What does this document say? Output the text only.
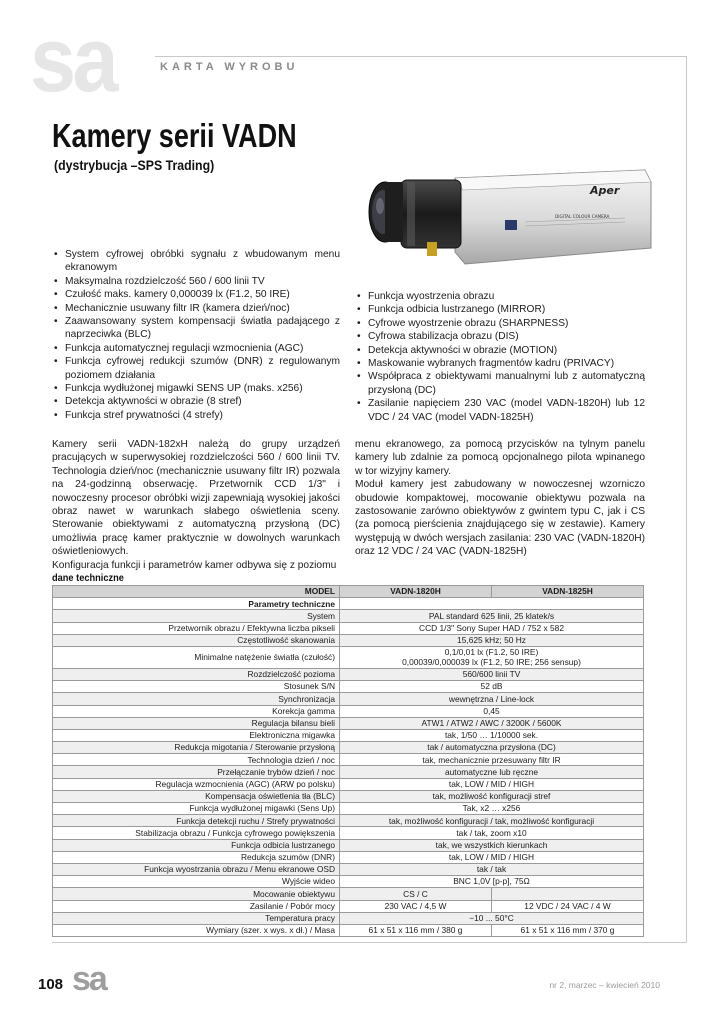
sa	KARTA WYROBU
Kamery serii VADN
(dystrybucja –SPS Trading)
Aper
DIGITAL COLOUR CAMERA
• System cyfrowej obróbki sygnału z wbudowanym menu ekranowym
• Maksymalna rozdzielczość 560 / 600 linii TV
• Czułość maks. kamery 0,000039 lx (F1.2, 50 IRE)
• Mechanicznie usuwany filtr IR (kamera dzień/noc)
• Zaawansowany system kompensacji światła padającego z naprzeciwka (BLC)
• Funkcja automatycznej regulacji wzmocnienia (AGC)
• Funkcja cyfrowej redukcji szumów (DNR) z regulowanym poziomem działania
• Funkcja wydłużonej migawki SENS UP (maks. x256)
• Detekcja aktywności w obrazie (8 stref)
• Funkcja stref prywatności (4 strefy)
• Funkcja wyostrzenia obrazu
• Funkcja odbicia lustrzanego (MIRROR)
• Cyfrowe wyostrzenie obrazu (SHARPNESS)
• Cyfrowa stabilizacja obrazu (DIS)
• Detekcja aktywności w obrazie (MOTION)
• Maskowanie wybranych fragmentów kadru (PRIVACY)
• Współpraca z obiektywami manualnymi lub z automatyczną przysłoną (DC)
• Zasilanie napięciem 230 VAC (model VADN-1820H) lub 12 VDC / 24 VAC (model VADN-1825H)

Kamery serii VADN-182xH należą do grupy urządzeń pracujących w superwysokiej rozdzielczości 560 / 600 linii TV. Technologia dzień/noc (mechanicznie usuwany filtr IR) pozwala na 24-godzinną obserwację. Przetwornik CCD 1/3" i nowoczesny procesor obróbki wizji zapewniają wysokiej jakości obraz nawet w warunkach słabego oświetlenia sceny. Sterowanie obiektywami z automatyczną przysłoną (DC) umożliwia pracę kamer praktycznie w dowolnych warunkach oświetleniowych.

Konfiguracja funkcji i parametrów kamer odbywa się z poziomu

menu ekranowego, za pomocą przycisków na tylnym panelu kamery lub zdalnie za pomocą opcjonalnego pilota wpinanego w tor wizyjny kamery.

Moduł kamery jest zabudowany w nowoczesnej wzorniczo obudowie kompaktowej, mocowanie obiektywu pozwala na zastosowanie zarówno obiektywów z gwintem typu C, jak i CS (za pomocą pierścienia znajdującego się w zestawie). Kamery występują w dwóch wersjach zasilania: 230 VAC (VADN-1820H) oraz 12 VDC / 24 VAC (VADN-1825H)

dane techniczne
MODEL	VADN-1820H	VADN-1825H
Parametry techniczne		
System	PAL standard 625 linii, 25 klatek/s	

Przetwornik obrazu / Efektywna liczba pikseli	CCD 1/3" Sony Super HAD / 752 x 582	

Częstotliwość skanowania	15,625 kHz; 50 Hz	

Minimalne natężenie światła (czułość)	0,1/0,01 lx (F1.2, 50 IRE)
0,00039/0,000039 lx (F1.2, 50 IRE; 256 sensup)	

Rozdzielczość pozioma	560/600 linii TV	

Stosunek S/N	52 dB	

Synchronizacja	wewnętrzna / Line-lock	

Korekcja gamma	0,45	

Regulacja bilansu bieli	ATW1 / ATW2 / AWC / 3200K / 5600K	

Elektroniczna migawka	tak, 1/50 … 1/10000 sek.	

Redukcja migotania / Sterowanie przysłoną	tak / automatyczna przysłona (DC)	

Technologia dzień / noc	tak, mechanicznie przesuwany filtr IR	

Przełączanie trybów dzień / noc	automatyczne lub ręczne	

Regulacja wzmocnienia (AGC) (ARW po polsku)	tak, LOW / MID / HIGH	

Kompensacja oświetlenia tła (BLC)	tak, możliwość konfiguracji stref	

Funkcja wydłużonej migawki (Sens Up)	Tak, x2 … x256	

Funkcja detekcji ruchu / Strefy prywatności	tak, możliwość konfiguracji / tak, możliwość konfiguracji	

Stabilizacja obrazu / Funkcja cyfrowego powiększenia	tak / tak, zoom x10	

Funkcja odbicia lustrzanego	tak, we wszystkich kierunkach	

Redukcja szumów (DNR)	tak, LOW / MID / HIGH	

Funkcja wyostrzania obrazu / Menu ekranowe OSD	tak / tak	

Wyjście wideo	BNC 1,0V [p-p], 75Ω	

Mocowanie obiektywu	CS / C	
Zasilanie / Pobór mocy	230 VAC / 4,5 W	12 VDC / 24 VAC / 4 W
Temperatura pracy	−10 ... 50°C	
Wymiary (szer. x wys. x dł.) / Masa	61 x 51 x 116 mm / 380 g	61 x 51 x 116 mm / 370 g
108 sa	nr 2, marzec – kwiecień 2010
